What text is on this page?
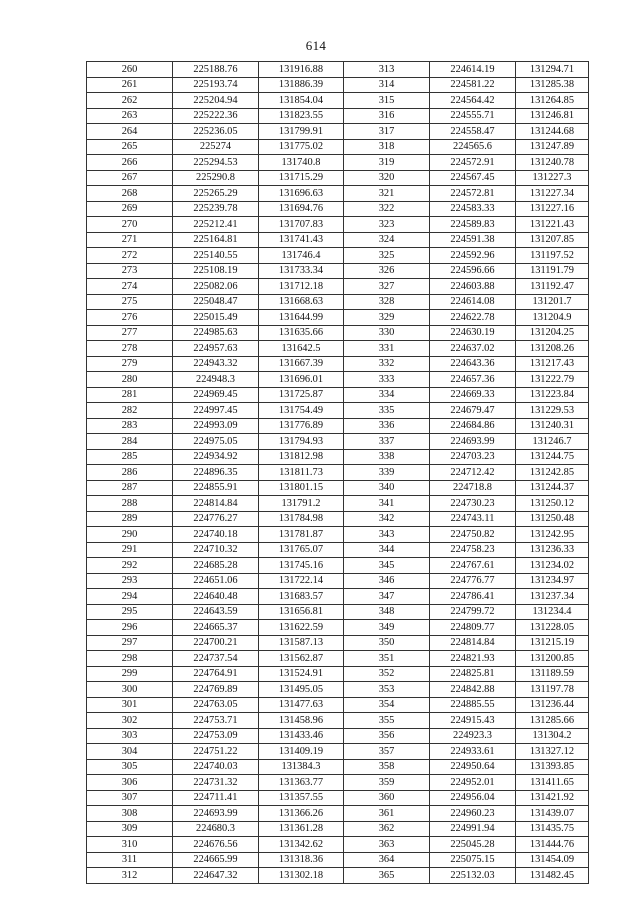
614
260	225188.76	131916.88	313	224614.19	131294.71
261	225193.74	131886.39	314	224581.22	131285.38
262	225204.94	131854.04	315	224564.42	131264.85
263	225222.36	131823.55	316	224555.71	131246.81
264	225236.05	131799.91	317	224558.47	131244.68
265	225274	131775.02	318	224565.6	131247.89
266	225294.53	131740.8	319	224572.91	131240.78
267	225290.8	131715.29	320	224567.45	131227.3
268	225265.29	131696.63	321	224572.81	131227.34
269	225239.78	131694.76	322	224583.33	131227.16
270	225212.41	131707.83	323	224589.83	131221.43
271	225164.81	131741.43	324	224591.38	131207.85
272	225140.55	131746.4	325	224592.96	131197.52
273	225108.19	131733.34	326	224596.66	131191.79
274	225082.06	131712.18	327	224603.88	131192.47
275	225048.47	131668.63	328	224614.08	131201.7
276	225015.49	131644.99	329	224622.78	131204.9
277	224985.63	131635.66	330	224630.19	131204.25
278	224957.63	131642.5	331	224637.02	131208.26
279	224943.32	131667.39	332	224643.36	131217.43
280	224948.3	131696.01	333	224657.36	131222.79
281	224969.45	131725.87	334	224669.33	131223.84
282	224997.45	131754.49	335	224679.47	131229.53
283	224993.09	131776.89	336	224684.86	131240.31
284	224975.05	131794.93	337	224693.99	131246.7
285	224934.92	131812.98	338	224703.23	131244.75
286	224896.35	131811.73	339	224712.42	131242.85
287	224855.91	131801.15	340	224718.8	131244.37
288	224814.84	131791.2	341	224730.23	131250.12
289	224776.27	131784.98	342	224743.11	131250.48
290	224740.18	131781.87	343	224750.82	131242.95
291	224710.32	131765.07	344	224758.23	131236.33
292	224685.28	131745.16	345	224767.61	131234.02
293	224651.06	131722.14	346	224776.77	131234.97
294	224640.48	131683.57	347	224786.41	131237.34
295	224643.59	131656.81	348	224799.72	131234.4
296	224665.37	131622.59	349	224809.77	131228.05
297	224700.21	131587.13	350	224814.84	131215.19
298	224737.54	131562.87	351	224821.93	131200.85
299	224764.91	131524.91	352	224825.81	131189.59
300	224769.89	131495.05	353	224842.88	131197.78
301	224763.05	131477.63	354	224885.55	131236.44
302	224753.71	131458.96	355	224915.43	131285.66
303	224753.09	131433.46	356	224923.3	131304.2
304	224751.22	131409.19	357	224933.61	131327.12
305	224740.03	131384.3	358	224950.64	131393.85
306	224731.32	131363.77	359	224952.01	131411.65
307	224711.41	131357.55	360	224956.04	131421.92
308	224693.99	131366.26	361	224960.23	131439.07
309	224680.3	131361.28	362	224991.94	131435.75
310	224676.56	131342.62	363	225045.28	131444.76
311	224665.99	131318.36	364	225075.15	131454.09
312	224647.32	131302.18	365	225132.03	131482.45
